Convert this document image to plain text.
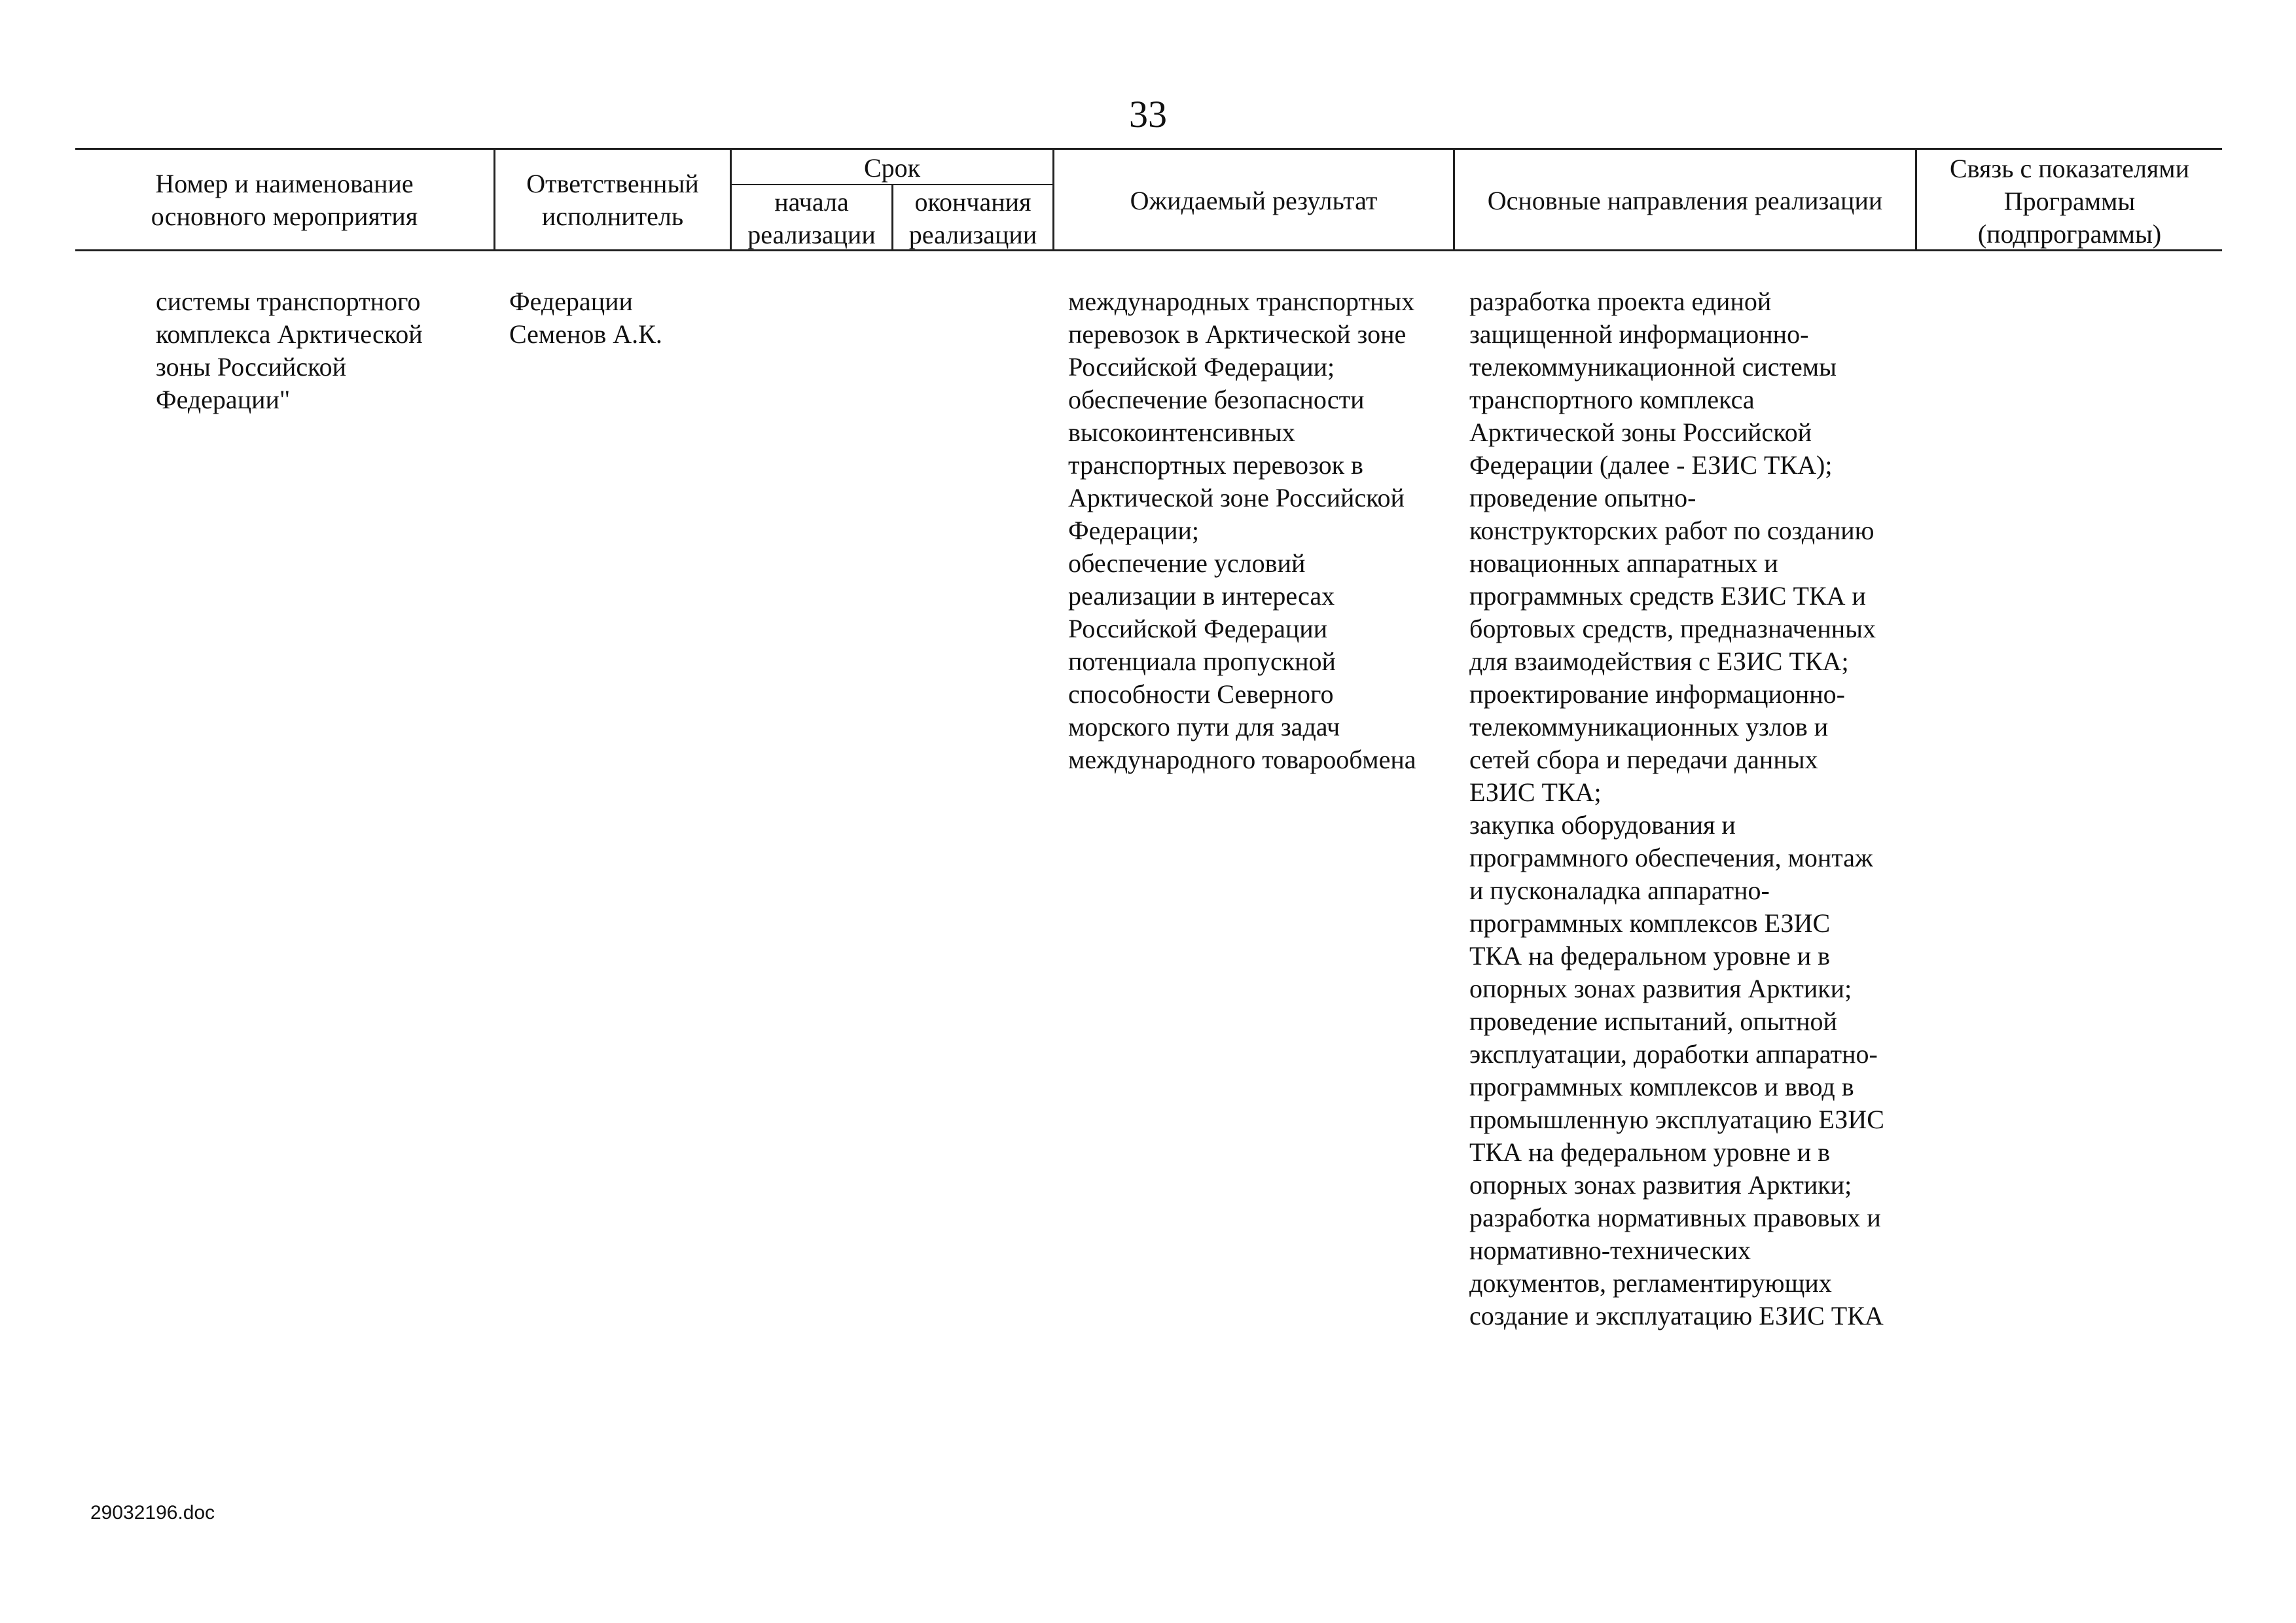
33
Номер и наименование
основного мероприятия
Ответственный
исполнитель
Срок
начала
реализации
окончания
реализации
Ожидаемый результат	Основные направления реализации
Связь с показателями
Программы
(подпрограммы)
системы транспортного
комплекса Арктической
зоны Российской
Федерации"
Федерации
Семенов А.К.
международных транспортных
перевозок в Арктической зоне
Российской Федерации;
обеспечение безопасности
высокоинтенсивных
транспортных перевозок в
Арктической зоне Российской
Федерации;
обеспечение условий
реализации в интересах
Российской Федерации
потенциала пропускной
способности Северного
морского пути для задач
международного товарообмена
разработка проекта единой
защищенной информационно-
телекоммуникационной системы
транспортного комплекса
Арктической зоны Российской
Федерации (далее - ЕЗИС ТКА);
проведение опытно-
конструкторских работ по созданию
новационных аппаратных и
программных средств ЕЗИС ТКА и
бортовых средств, предназначенных
для взаимодействия с ЕЗИС ТКА;
проектирование информационно-
телекоммуникационных узлов и
сетей сбора и передачи данных
ЕЗИС ТКА;
закупка оборудования и
программного обеспечения, монтаж
и пусконаладка аппаратно-
программных комплексов ЕЗИС
ТКА на федеральном уровне и в
опорных зонах развития Арктики;
проведение испытаний, опытной
эксплуатации, доработки аппаратно-
программных комплексов и ввод в
промышленную эксплуатацию ЕЗИС
ТКА на федеральном уровне и в
опорных зонах развития Арктики;
разработка нормативных правовых и
нормативно-технических
документов, регламентирующих
создание и эксплуатацию ЕЗИС ТКА
29032196.doc
